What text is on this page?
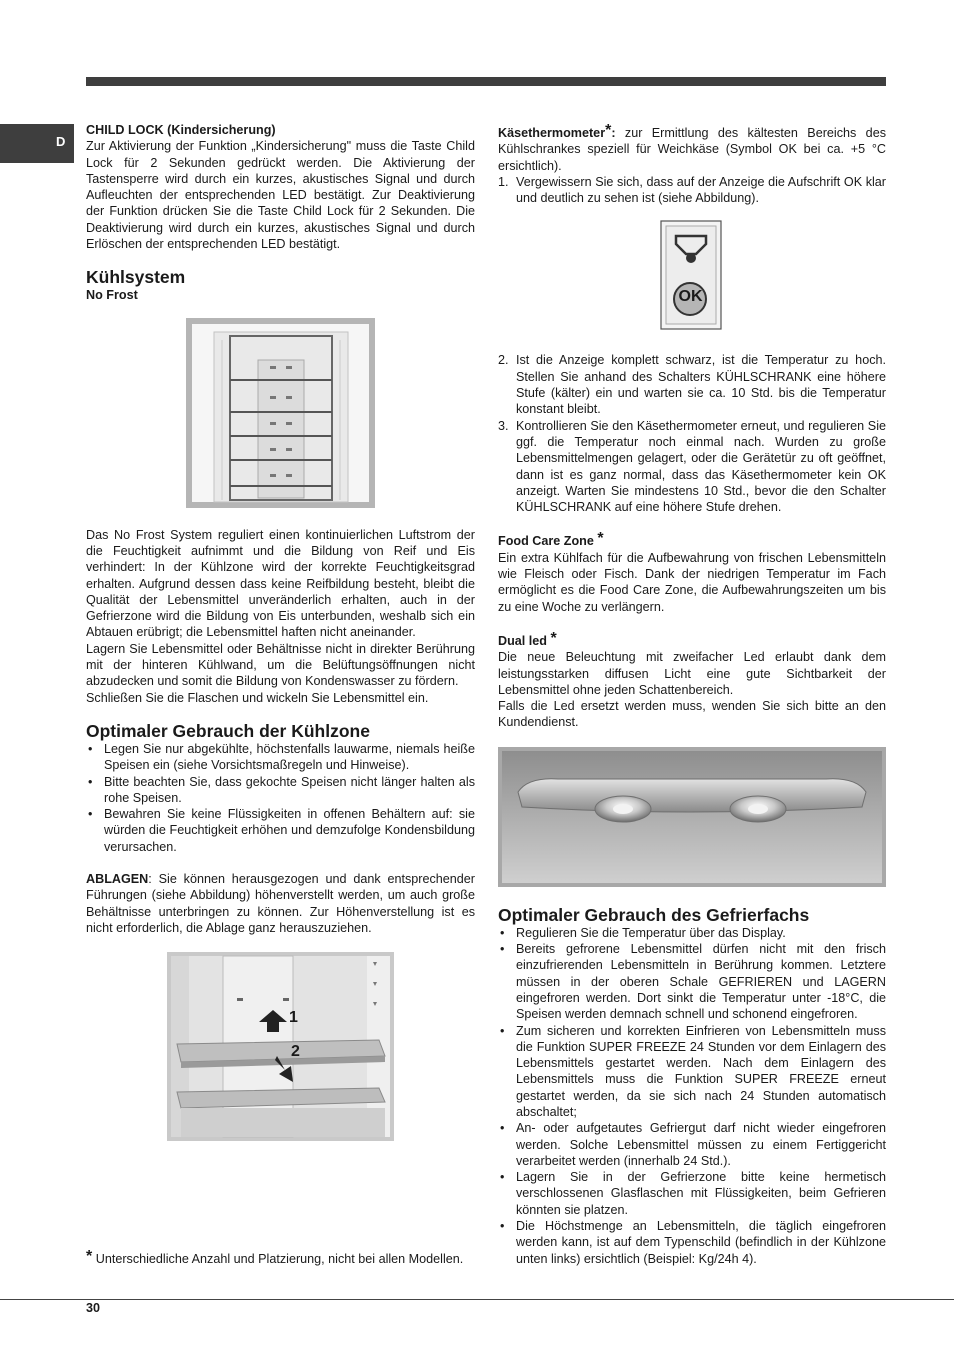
D
CHILD LOCK (Kindersicherung)

Zur Aktivierung der Funktion „Kindersicherung" muss die Taste Child Lock für 2 Sekunden gedrückt werden. Die Aktivierung der Tastensperre wird durch ein kurzes, akustisches Signal und durch Aufleuchten der entsprechenden LED bestätigt. Zur Deaktivierung der Funktion drücken Sie die Taste Child Lock für 2 Sekunden. Die Deaktivierung wird durch ein kurzes, akustisches Signal und durch Erlöschen der entsprechenden LED bestätigt.

Kühlsystem
No Frost

Das No Frost System reguliert einen kontinuierlichen Luftstrom der die Feuchtigkeit aufnimmt und die Bildung von Reif und Eis verhindert: In der Kühlzone wird der korrekte Feuchtigkeitsgrad erhalten. Aufgrund dessen dass keine Reifbildung besteht, bleibt die Qualität der Lebensmittel unveränderlich erhalten, auch in der Gefrierzone wird die Bildung von Eis unterbunden, weshalb sich ein Abtauen erübrigt; die Lebensmittel haften nicht aneinander.

Lagern Sie Lebensmittel oder Behältnisse nicht in direkter Berührung mit der hinteren Kühlwand, um die Belüftungsöffnungen nicht abzudecken und somit die Bildung von Kondenswasser zu fördern.

Schließen Sie die Flaschen und wickeln Sie Lebensmittel ein.

Optimaler Gebrauch der Kühlzone
• Legen Sie nur abgekühlte, höchstenfalls lauwarme, niemals heiße Speisen ein (siehe Vorsichtsmaßregeln und Hinweise).
• Bitte beachten Sie, dass gekochte Speisen nicht länger halten als rohe Speisen.
• Bewahren Sie keine Flüssigkeiten in offenen Behältern auf: sie würden die Feuchtigkeit erhöhen und demzufolge Kondensbildung verursachen.

ABLAGEN: Sie können herausgezogen und dank entsprechender Führungen (siehe Abbildung) höhenverstellt werden, um auch große Behältnisse unterbringen zu können. Zur Höhenverstellung ist es nicht erforderlich, die Ablage ganz herauszuziehen.

1
2
* Unterschiedliche Anzahl und Platzierung, nicht bei allen Modellen.

Käsethermometer*: zur Ermittlung des kältesten Bereichs des Kühlschrankes speziell für Weichkäse (Symbol OK bei ca. +5 °C ersichtlich).

1. Vergewissern Sie sich, dass auf der Anzeige die Aufschrift OK klar und deutlich zu sehen ist (siehe Abbildung).
OK
2. Ist die Anzeige komplett schwarz, ist die Temperatur zu hoch. Stellen Sie anhand des Schalters KÜHLSCHRANK eine höhere Stufe (kälter) ein und warten sie ca. 10 Std. bis die Temperatur konstant bleibt.
3. Kontrollieren Sie den Käsethermometer erneut, und regulieren Sie ggf. die Temperatur noch einmal nach. Wurden zu große Lebensmittelmengen gelagert, oder die Gerätetür zu oft geöffnet, dann ist es ganz normal, dass das Käsethermometer kein OK anzeigt. Warten Sie mindestens 10 Std., bevor die den Schalter KÜHLSCHRANK auf eine höhere Stufe drehen.
Food Care Zone *

Ein extra Kühlfach für die Aufbewahrung von frischen Lebensmitteln wie Fleisch oder Fisch. Dank der niedrigen Temperatur im Fach ermöglicht es die Food Care Zone, die Aufbewahrungszeiten um bis zu eine Woche zu verlängern.

Dual led *

Die neue Beleuchtung mit zweifacher Led erlaubt dank dem leistungsstarken diffusen Licht eine gute Sichtbarkeit der Lebensmittel ohne jeden Schattenbereich.

Falls die Led ersetzt werden muss, wenden Sie sich bitte an den Kundendienst.

Optimaler Gebrauch des Gefrierfachs
• Regulieren Sie die Temperatur über das Display.
• Bereits gefrorene Lebensmittel dürfen nicht mit den frisch einzufrierenden Lebensmitteln in Berührung kommen. Letztere müssen in der oberen Schale GEFRIEREN und LAGERN eingefroren werden. Dort sinkt die Temperatur unter -18°C, die Speisen werden demnach schnell und schonend eingefroren.
• Zum sicheren und korrekten Einfrieren von Lebensmitteln muss die Funktion SUPER FREEZE 24 Stunden vor dem Einlagern des Lebensmittels gestartet werden. Nach dem Einlagern des Lebensmittels muss die Funktion SUPER FREEZE erneut gestartet werden, da sie sich nach 24 Stunden automatisch abschaltet;
• An- oder aufgetautes Gefriergut darf nicht wieder eingefroren werden. Solche Lebensmittel müssen zu einem Fertiggericht verarbeitet werden (innerhalb 24 Std.).
• Lagern Sie in der Gefrierzone bitte keine hermetisch verschlossenen Glasflaschen mit Flüssigkeiten, beim Gefrieren könnten sie platzen.
• Die Höchstmenge an Lebensmitteln, die täglich eingefroren werden kann, ist auf dem Typenschild (befindlich in der Kühlzone unten links) ersichtlich (Beispiel: Kg/24h 4).
30
